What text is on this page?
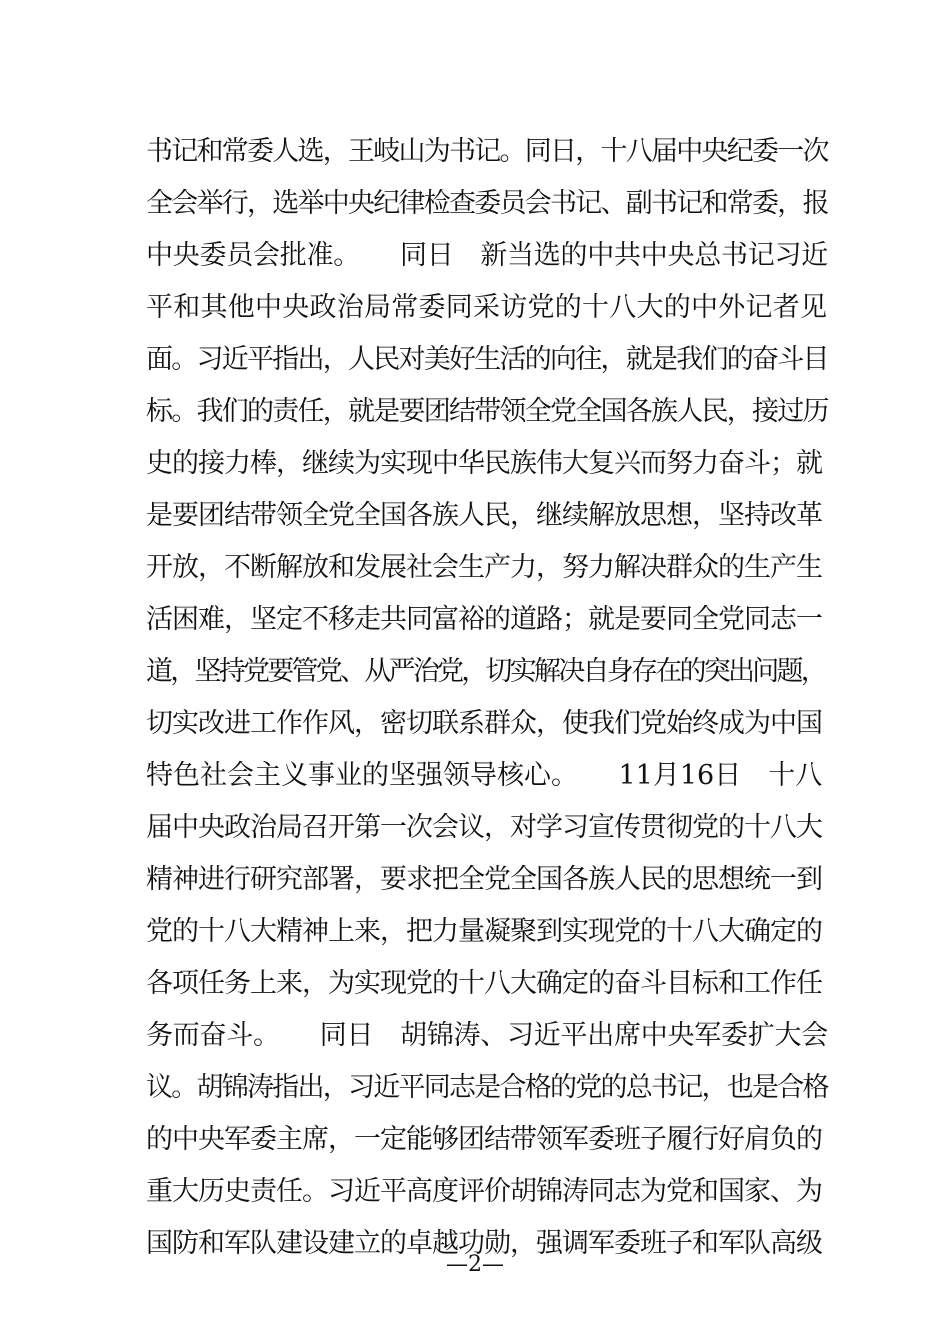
书记和常委人选，王岐山为书记。同日，十八届中央纪委一次
全会举行，选举中央纪律检查委员会书记、副书记和常委，报
中央委员会批准。　　同日　新当选的中共中央总书记习近
平和其他中央政治局常委同采访党的十八大的中外记者见
面。习近平指出，人民对美好生活的向往，就是我们的奋斗目
标。我们的责任，就是要团结带领全党全国各族人民，接过历
史的接力棒，继续为实现中华民族伟大复兴而努力奋斗；就
是要团结带领全党全国各族人民，继续解放思想，坚持改革
开放，不断解放和发展社会生产力，努力解决群众的生产生
活困难，坚定不移走共同富裕的道路；就是要同全党同志一
道，坚持党要管党、从严治党，切实解决自身存在的突出问题，
切实改进工作作风，密切联系群众，使我们党始终成为中国
特色社会主义事业的坚强领导核心。　　11月16日　十八
届中央政治局召开第一次会议，对学习宣传贯彻党的十八大
精神进行研究部署，要求把全党全国各族人民的思想统一到
党的十八大精神上来，把力量凝聚到实现党的十八大确定的
各项任务上来，为实现党的十八大确定的奋斗目标和工作任
务而奋斗。　　同日　胡锦涛、习近平出席中央军委扩大会
议。胡锦涛指出，习近平同志是合格的党的总书记，也是合格
的中央军委主席，一定能够团结带领军委班子履行好肩负的
重大历史责任。习近平高度评价胡锦涛同志为党和国家、为
国防和军队建设建立的卓越功勋，强调军委班子和军队高级
—2—
